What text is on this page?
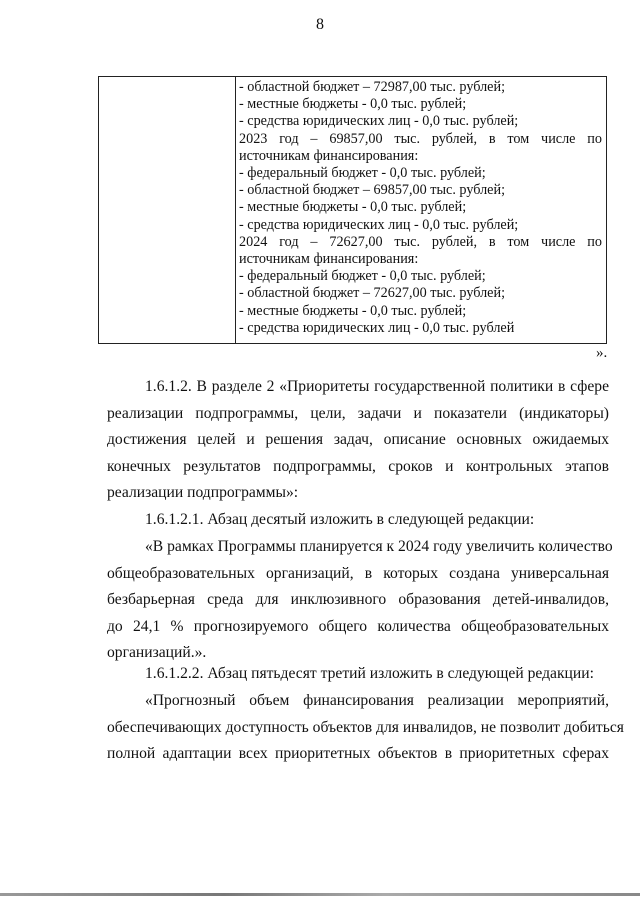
8
- областной бюджет – 72987,00 тыс. рублей;
- местные бюджеты - 0,0 тыс. рублей;
- средства юридических лиц - 0,0 тыс. рублей;
2023 год – 69857,00 тыс. рублей, в том числе по
источникам финансирования:
- федеральный бюджет - 0,0 тыс. рублей;
- областной бюджет – 69857,00 тыс. рублей;
- местные бюджеты - 0,0 тыс. рублей;
- средства юридических лиц - 0,0 тыс. рублей;
2024 год – 72627,00 тыс. рублей, в том числе по
источникам финансирования:
- федеральный бюджет - 0,0 тыс. рублей;
- областной бюджет – 72627,00 тыс. рублей;
- местные бюджеты - 0,0 тыс. рублей;
- средства юридических лиц - 0,0 тыс. рублей
».
1.6.1.2. В разделе 2 «Приоритеты государственной политики в сфере
реализации подпрограммы, цели, задачи и показатели (индикаторы)
достижения целей и решения задач, описание основных ожидаемых
конечных результатов подпрограммы, сроков и контрольных этапов
реализации подпрограммы»:
1.6.1.2.1. Абзац десятый изложить в следующей редакции:
«В рамках Программы планируется к 2024 году увеличить количество
общеобразовательных организаций, в которых создана универсальная
безбарьерная среда для инклюзивного образования детей-инвалидов,
до 24,1 % прогнозируемого общего количества общеобразовательных
организаций.».
1.6.1.2.2. Абзац пятьдесят третий изложить в следующей редакции:
«Прогнозный объем финансирования реализации мероприятий,
обеспечивающих доступность объектов для инвалидов, не позволит добиться
полной адаптации всех приоритетных объектов в приоритетных сферах
